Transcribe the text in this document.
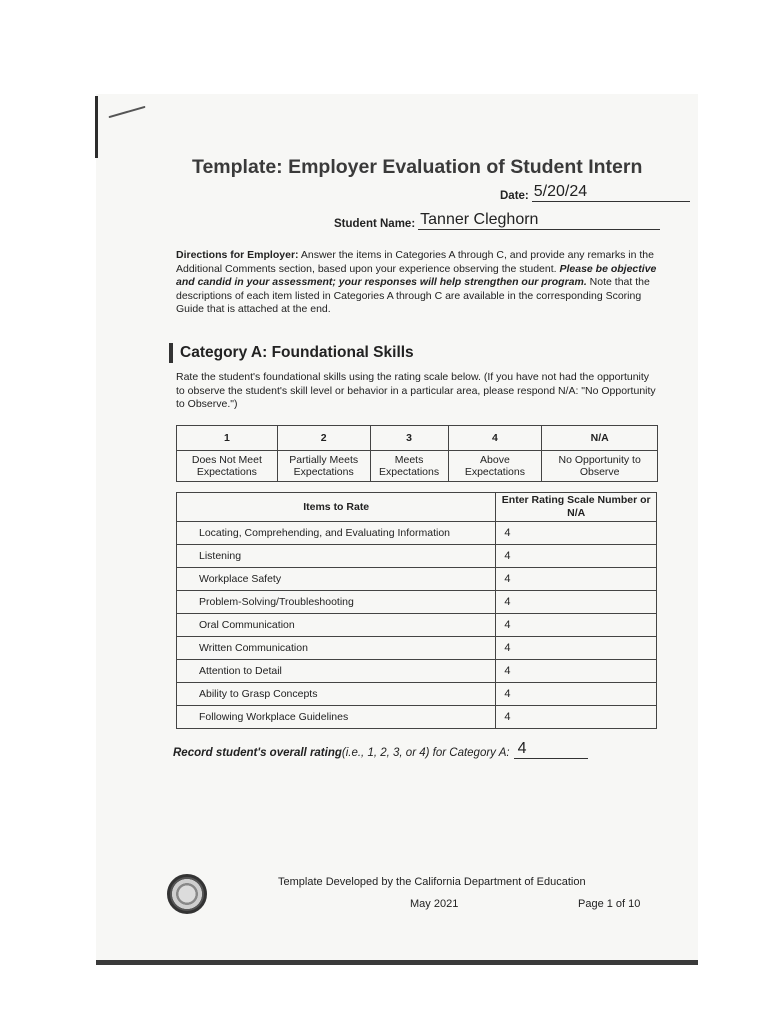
Template: Employer Evaluation of Student Intern
Date: 5/20/24
Student Name: Tanner Cleghorn
Directions for Employer: Answer the items in Categories A through C, and provide any remarks in the Additional Comments section, based upon your experience observing the student. Please be objective and candid in your assessment; your responses will help strengthen our program. Note that the descriptions of each item listed in Categories A through C are available in the corresponding Scoring Guide that is attached at the end.
Category A: Foundational Skills
Rate the student's foundational skills using the rating scale below. (If you have not had the opportunity to observe the student's skill level or behavior in a particular area, please respond N/A: "No Opportunity to Observe.")
1	2	3	4	N/A
Does Not Meet Expectations	Partially Meets Expectations	Meets Expectations	Above Expectations	No Opportunity to Observe
Items to Rate	Enter Rating Scale Number or N/A
Locating, Comprehending, and Evaluating Information	4
Listening	4
Workplace Safety	4
Problem-Solving/Troubleshooting	4
Oral Communication	4
Written Communication	4
Attention to Detail	4
Ability to Grasp Concepts	4
Following Workplace Guidelines	4
Record student's overall rating (i.e., 1, 2, 3, or 4) for Category A: 4
Template Developed by the California Department of Education
May 2021	Page 1 of 10
